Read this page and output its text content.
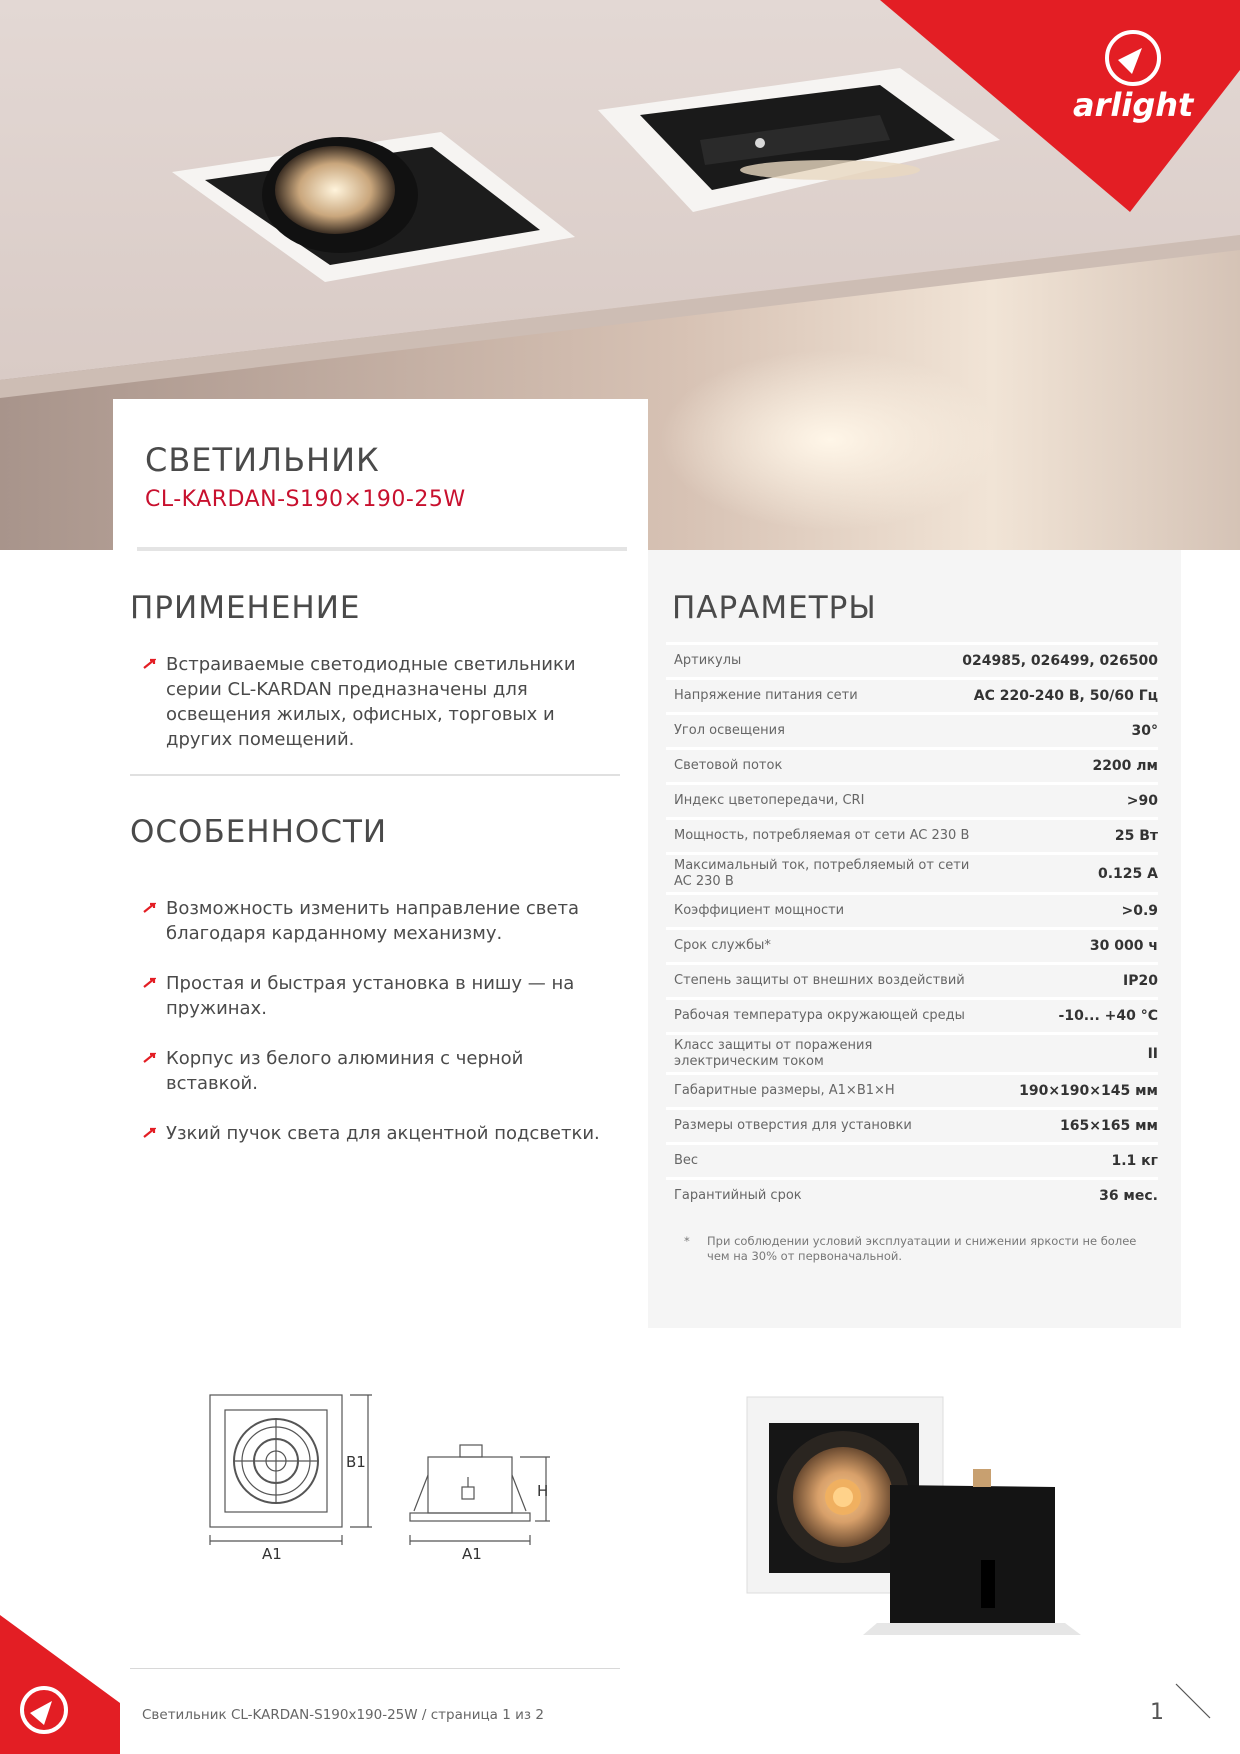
arlight
СВЕТИЛЬНИК
CL-KARDAN-S190×190-25W
ПРИМЕНЕНИЕ
Встраиваемые светодиодные светильники серии CL-KARDAN предназначены для освещения жилых, офисных, торговых и других помещений.
ОСОБЕННОСТИ
Возможность изменить направление света благодаря карданному механизму.
Простая и быстрая установка в нишу — на пружинах.
Корпус из белого алюминия с черной вставкой.
Узкий пучок света для акцентной подсветки.
ПАРАМЕТРЫ
Артикулы	024985, 026499, 026500
Напряжение питания сети	AC 220-240 В, 50/60 Гц
Угол освещения	30°
Световой поток	2200 лм
Индекс цветопередачи, CRI	>90
Мощность, потребляемая от сети AC 230 В	25 Вт
Максимальный ток, потребляемый от сети AC 230 В	0.125 A
Коэффициент мощности	>0.9
Срок службы*	30 000 ч
Степень защиты от внешних воздействий	IP20
Рабочая температура окружающей среды	-10... +40 °C
Класс защиты от поражения электрическим током	II
Габаритные размеры, A1×B1×H	190×190×145 мм
Размеры отверстия для установки	165×165 мм
Вес	1.1 кг
Гарантийный срок	36 мес.
*	При соблюдении условий эксплуатации и снижении яркости не более чем на 30% от первоначальной.
A1
B1
A1
H
Светильник CL-KARDAN-S190x190-25W / страница 1 из 2	1
